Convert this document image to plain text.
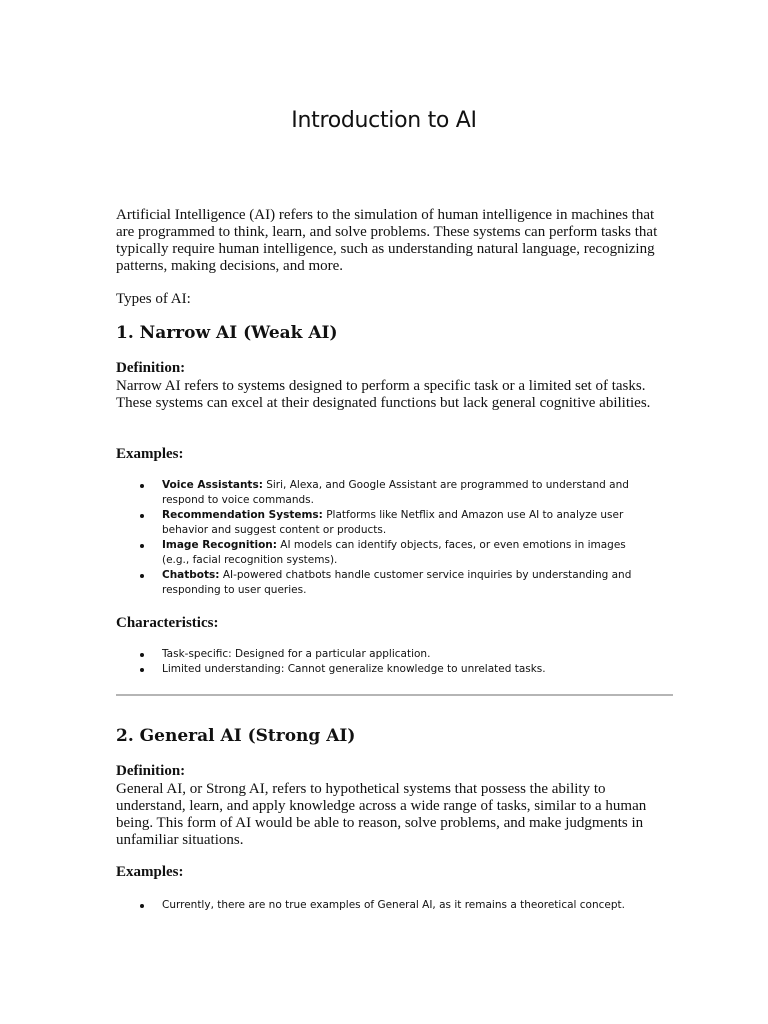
Introduction to AI
Artificial Intelligence (AI) refers to the simulation of human intelligence in machines that are programmed to think, learn, and solve problems. These systems can perform tasks that typically require human intelligence, such as understanding natural language, recognizing patterns, making decisions, and more.
Types of AI:
1. Narrow AI (Weak AI)
Definition:
Narrow AI refers to systems designed to perform a specific task or a limited set of tasks. These systems can excel at their designated functions but lack general cognitive abilities.
Examples:
Voice Assistants: Siri, Alexa, and Google Assistant are programmed to understand and respond to voice commands.
Recommendation Systems: Platforms like Netflix and Amazon use AI to analyze user behavior and suggest content or products.
Image Recognition: AI models can identify objects, faces, or even emotions in images (e.g., facial recognition systems).
Chatbots: AI-powered chatbots handle customer service inquiries by understanding and responding to user queries.
Characteristics:
Task-specific: Designed for a particular application.
Limited understanding: Cannot generalize knowledge to unrelated tasks.
2. General AI (Strong AI)
Definition:
General AI, or Strong AI, refers to hypothetical systems that possess the ability to understand, learn, and apply knowledge across a wide range of tasks, similar to a human being. This form of AI would be able to reason, solve problems, and make judgments in unfamiliar situations.
Examples:
Currently, there are no true examples of General AI, as it remains a theoretical concept.
